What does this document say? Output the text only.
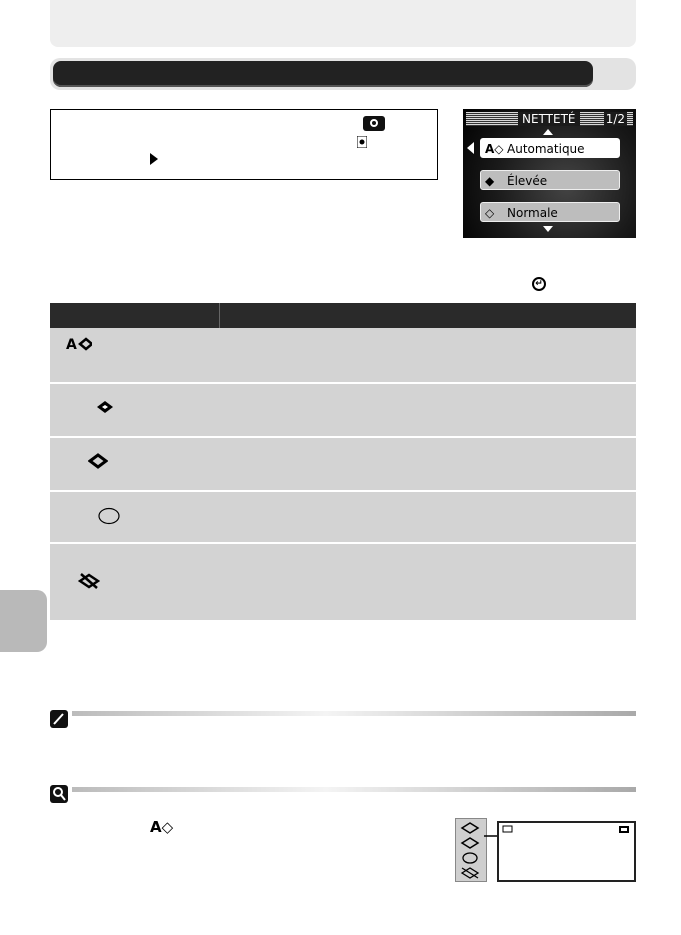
NETTETÉ	1/2
A◇ Automatique
◆ Élevée
◇ Normale
↵
A
A◇
